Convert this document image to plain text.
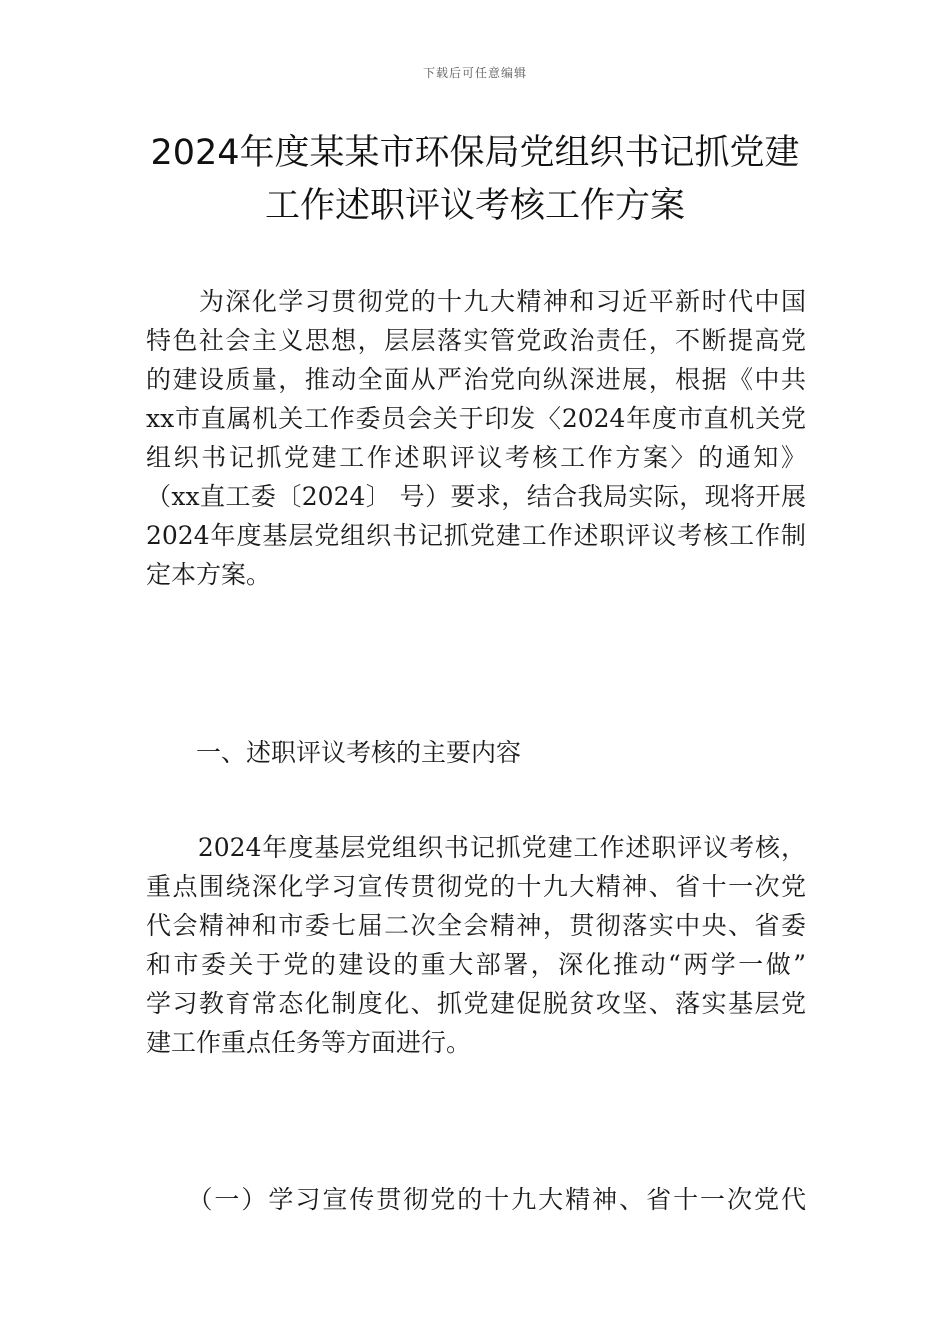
下载后可任意编辑
2024年度某某市环保局党组织书记抓党建
工作述职评议考核工作方案
　　为深化学习贯彻党的十九大精神和习近平新时代中国
特色社会主义思想，层层落实管党政治责任，不断提高党
的建设质量，推动全面从严治党向纵深进展，根据《中共
xx市直属机关工作委员会关于印发〈2024年度市直机关党
组织书记抓党建工作述职评议考核工作方案〉的通知》
（xx直工委〔2024〕 号）要求，结合我局实际，现将开展
2024年度基层党组织书记抓党建工作述职评议考核工作制
定本方案。
　　一、述职评议考核的主要内容
　　2024年度基层党组织书记抓党建工作述职评议考核，
重点围绕深化学习宣传贯彻党的十九大精神、省十一次党
代会精神和市委七届二次全会精神，贯彻落实中央、省委
和市委关于党的建设的重大部署，深化推动“两学一做”
学习教育常态化制度化、抓党建促脱贫攻坚、落实基层党
建工作重点任务等方面进行。
　　（一）学习宣传贯彻党的十九大精神、省十一次党代
